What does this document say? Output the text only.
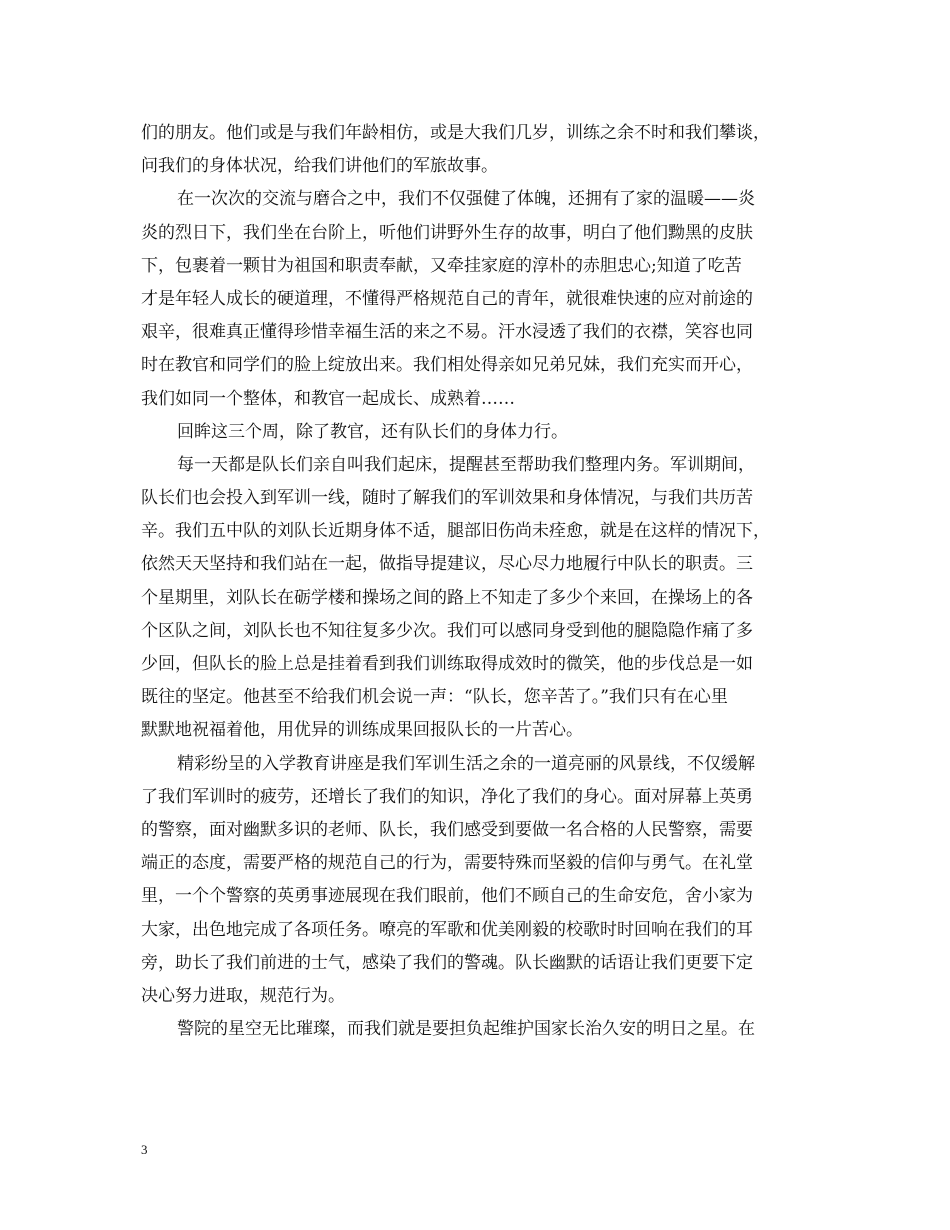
们的朋友。他们或是与我们年龄相仿，或是大我们几岁，训练之余不时和我们攀谈，
问我们的身体状况，给我们讲他们的军旅故事。
在一次次的交流与磨合之中，我们不仅强健了体魄，还拥有了家的温暖——炎
炎的烈日下，我们坐在台阶上，听他们讲野外生存的故事，明白了他们黝黑的皮肤
下，包裹着一颗甘为祖国和职责奉献，又牵挂家庭的淳朴的赤胆忠心;知道了吃苦
才是年轻人成长的硬道理，不懂得严格规范自己的青年，就很难快速的应对前途的
艰辛，很难真正懂得珍惜幸福生活的来之不易。汗水浸透了我们的衣襟，笑容也同
时在教官和同学们的脸上绽放出来。我们相处得亲如兄弟兄妹，我们充实而开心，
我们如同一个整体，和教官一起成长、成熟着……
回眸这三个周，除了教官，还有队长们的身体力行。
每一天都是队长们亲自叫我们起床，提醒甚至帮助我们整理内务。军训期间，
队长们也会投入到军训一线，随时了解我们的军训效果和身体情况，与我们共历苦
辛。我们五中队的刘队长近期身体不适，腿部旧伤尚未痊愈，就是在这样的情况下，
依然天天坚持和我们站在一起，做指导提建议，尽心尽力地履行中队长的职责。三
个星期里，刘队长在砺学楼和操场之间的路上不知走了多少个来回，在操场上的各
个区队之间，刘队长也不知往复多少次。我们可以感同身受到他的腿隐隐作痛了多
少回，但队长的脸上总是挂着看到我们训练取得成效时的微笑，他的步伐总是一如
既往的坚定。他甚至不给我们机会说一声：“队长，您辛苦了。”我们只有在心里
默默地祝福着他，用优异的训练成果回报队长的一片苦心。
精彩纷呈的入学教育讲座是我们军训生活之余的一道亮丽的风景线，不仅缓解
了我们军训时的疲劳，还增长了我们的知识，净化了我们的身心。面对屏幕上英勇
的警察，面对幽默多识的老师、队长，我们感受到要做一名合格的人民警察，需要
端正的态度，需要严格的规范自己的行为，需要特殊而坚毅的信仰与勇气。在礼堂
里，一个个警察的英勇事迹展现在我们眼前，他们不顾自己的生命安危，舍小家为
大家，出色地完成了各项任务。嘹亮的军歌和优美刚毅的校歌时时回响在我们的耳
旁，助长了我们前进的士气，感染了我们的警魂。队长幽默的话语让我们更要下定
决心努力进取，规范行为。
警院的星空无比璀璨，而我们就是要担负起维护国家长治久安的明日之星。在
3
